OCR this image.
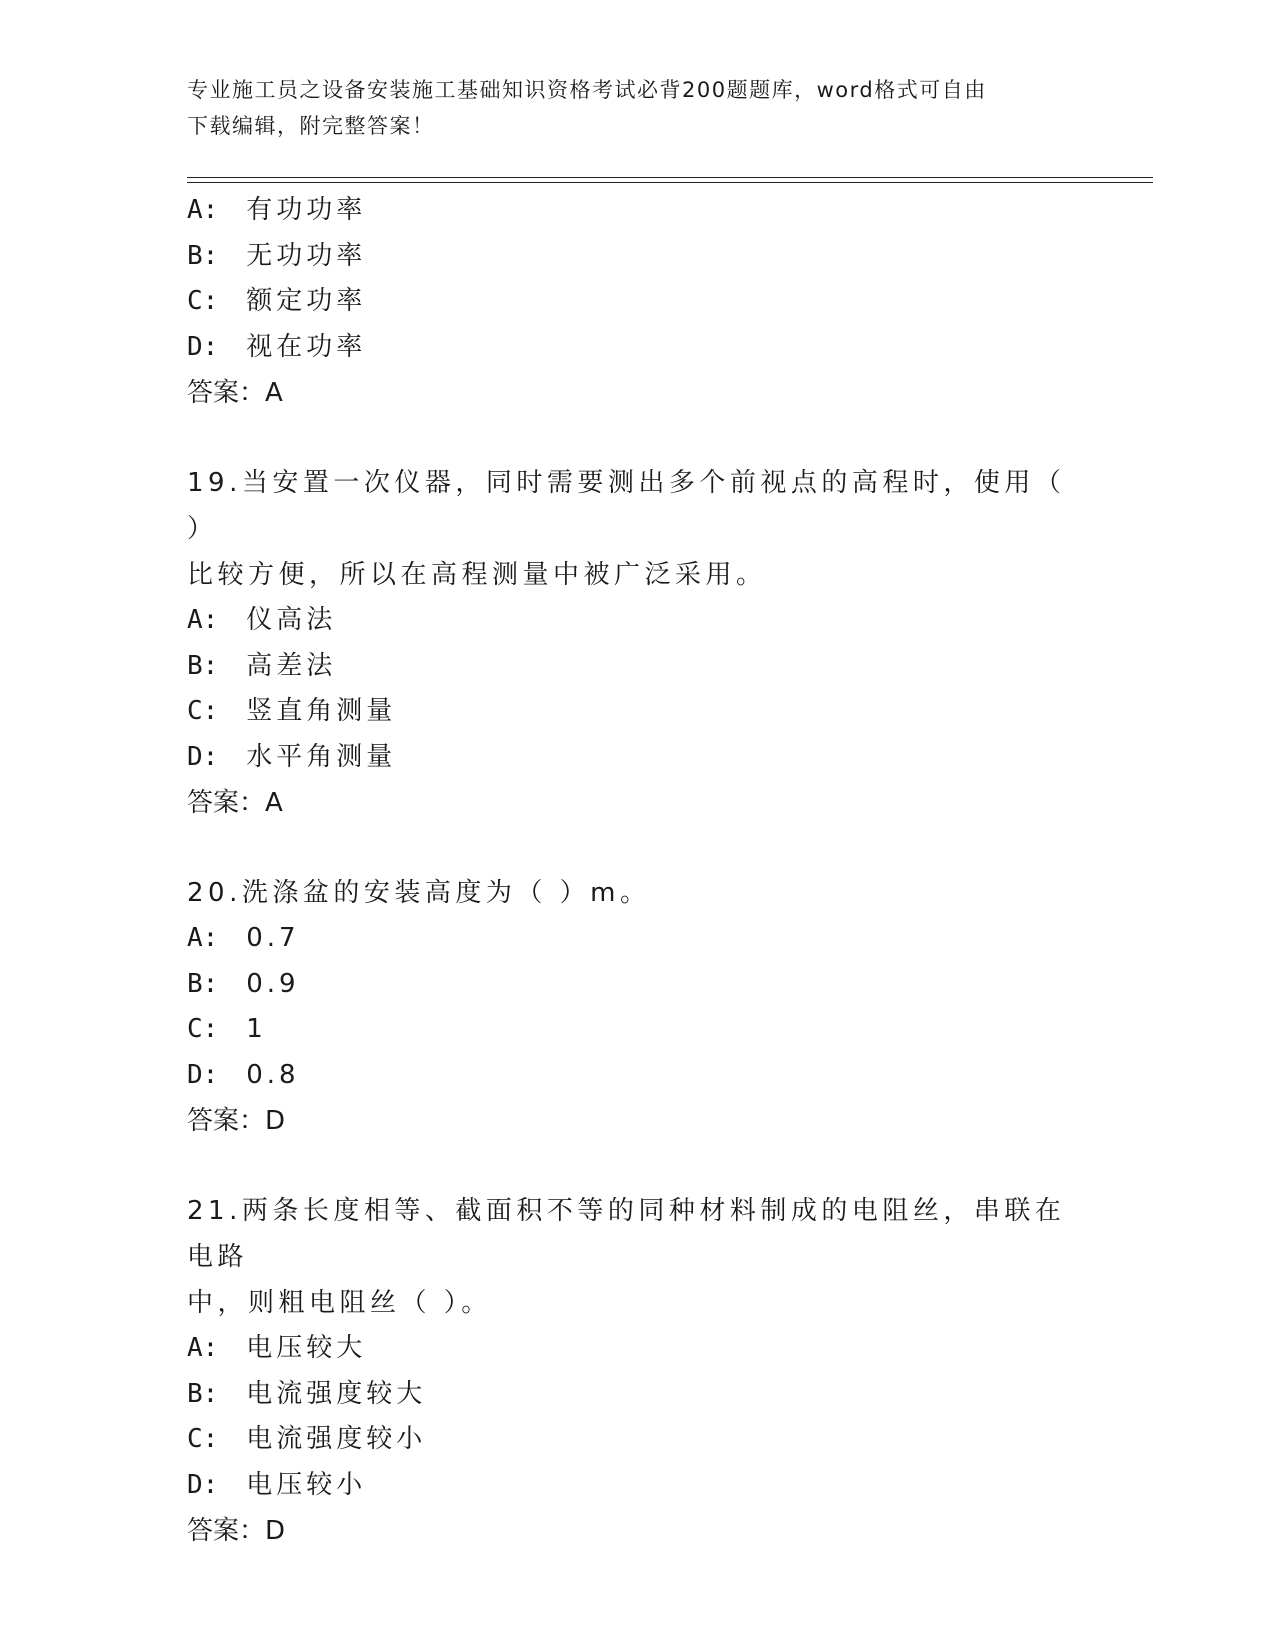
专业施工员之设备安装施工基础知识资格考试必背200题题库，word格式可自由
下载编辑，附完整答案！
A:  有功功率
B:  无功功率
C:  额定功率
D:  视在功率
答案：A
19.当安置一次仪器，同时需要测出多个前视点的高程时，使用（ ）
比较方便，所以在高程测量中被广泛采用。
A:  仪高法
B:  高差法
C:  竖直角测量
D:  水平角测量
答案：A
20.洗涤盆的安装高度为（ ）m。
A:  0.7
B:  0.9
C:  1
D:  0.8
答案：D
21.两条长度相等、截面积不等的同种材料制成的电阻丝，串联在电路
中，则粗电阻丝（ ）。
A:  电压较大
B:  电流强度较大
C:  电流强度较小
D:  电压较小
答案：D
